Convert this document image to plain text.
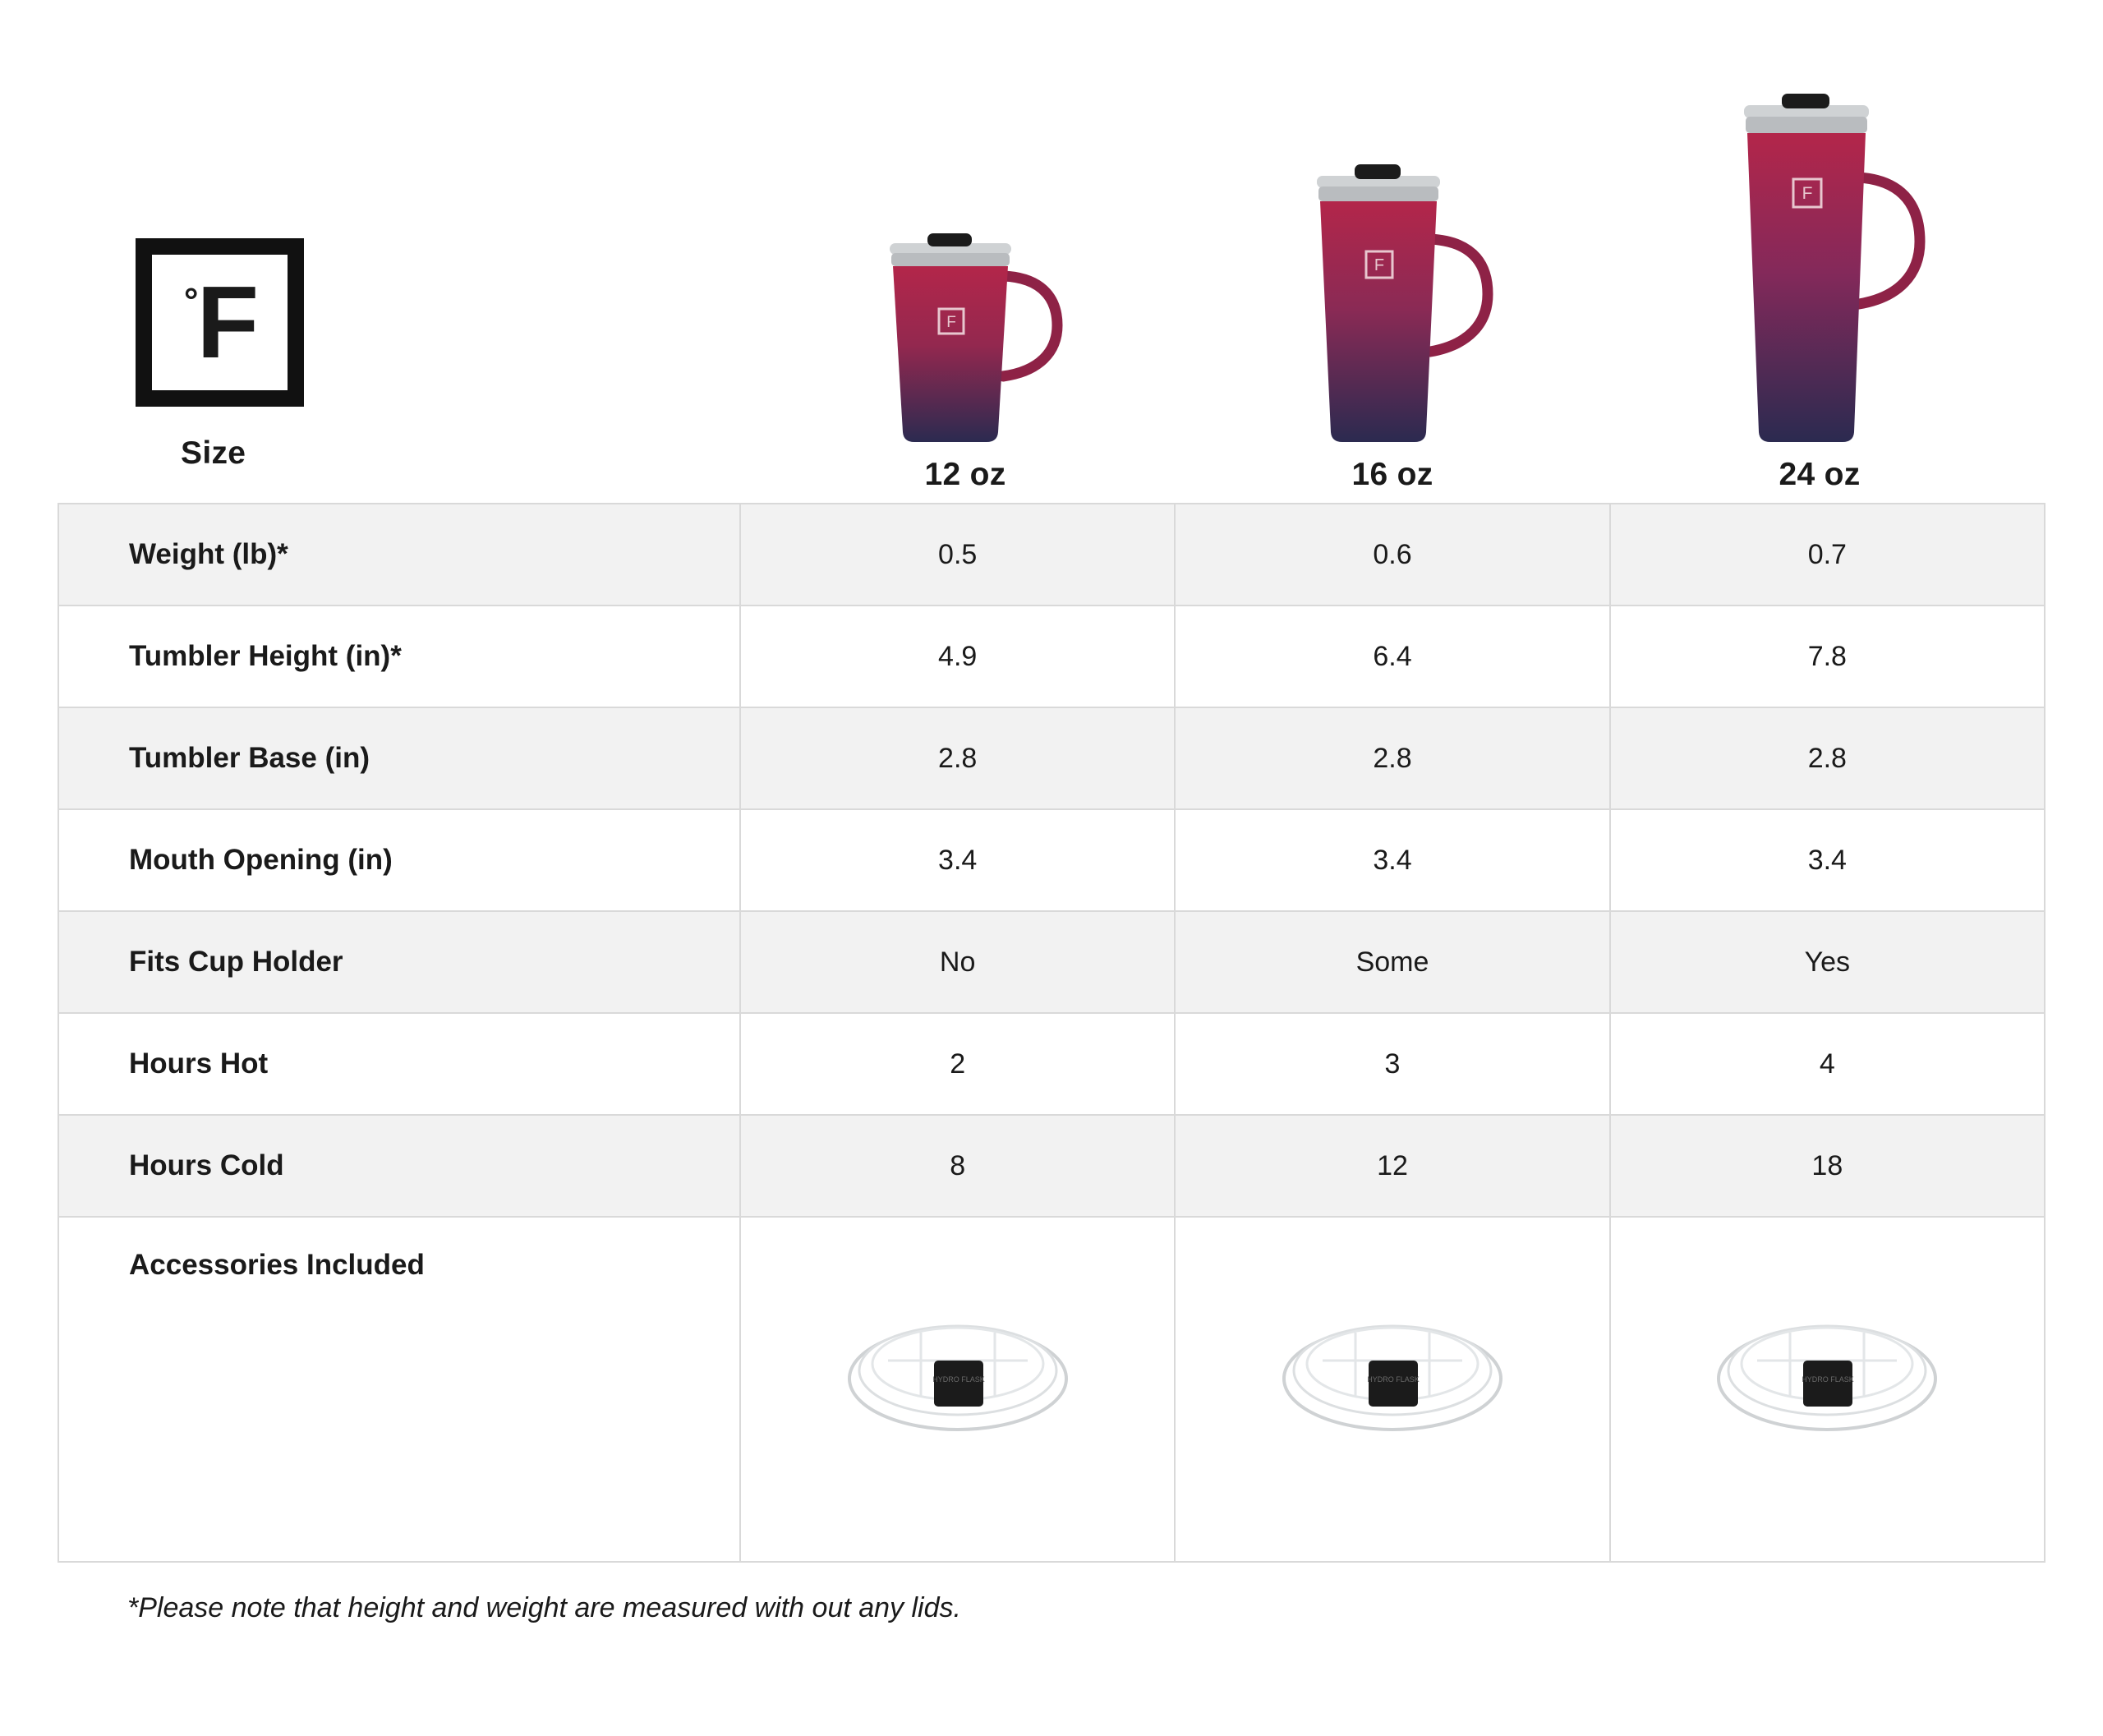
°
F
Size
F
12 oz
F
16 oz
F
24 oz
Weight (lb)*	0.5	0.6	0.7
Tumbler Height (in)*	4.9	6.4	7.8
Tumbler Base (in)	2.8	2.8	2.8
Mouth Opening (in)	3.4	3.4	3.4
Fits Cup Holder	No	Some	Yes
Hours Hot	2	3	4
Hours Cold	8	12	18
Accessories Included	HYDRO FLASK	HYDRO FLASK	HYDRO FLASK
*Please note that height and weight are measured with out any lids.
